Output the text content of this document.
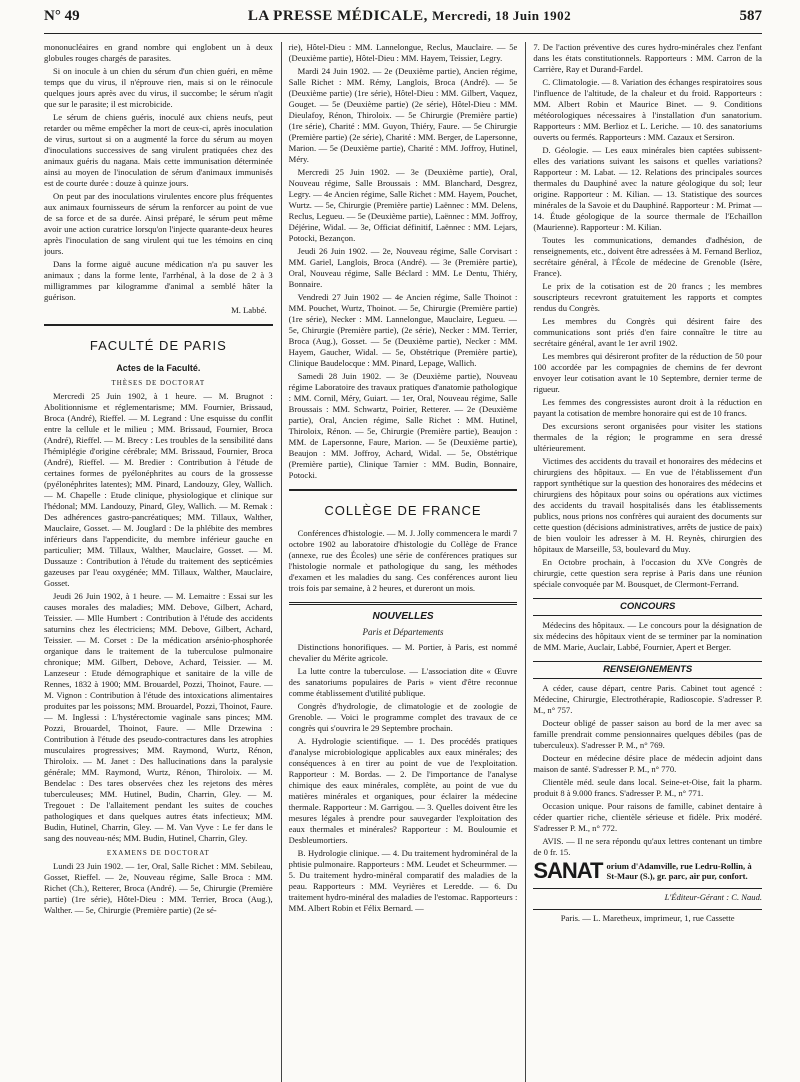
N° 49	LA PRESSE MÉDICALE, Mercredi, 18 Juin 1902	587

mononucléaires en grand nombre qui englobent un à deux globules rouges chargés de parasites.

Si on inocule à un chien du sérum d'un chien guéri, en même temps que du virus, il n'éprouve rien, mais si on le réinocule quelques jours après avec du virus, il succombe; le sérum n'agit que sur le parasite; il est microbicide.

Le sérum de chiens guéris, inoculé aux chiens neufs, peut retarder ou même empêcher la mort de ceux-ci, après inoculation de virus, surtout si on a augmenté la force du sérum au moyen d'inoculations successives de sang virulent pratiquées chez des animaux guéris du nagana. Mais cette immunisation déterminée ainsi au moyen de l'inoculation de sérum d'animaux immunisés est de courte durée : douze à quinze jours.

On peut par des inoculations virulentes encore plus fréquentes aux animaux fournisseurs de sérum la renforcer au point de vue de sa force et de sa durée. Ainsi préparé, le sérum peut même avoir une action curatrice lorsqu'on l'injecte quarante-deux heures après l'inoculation de sang virulent qui tue les témoins en cinq jours.

Dans la forme aiguë aucune médication n'a pu sauver les animaux ; dans la forme lente, l'arrhénal, à la dose de 2 à 3 milligrammes par kilogramme d'animal a semblé hâter la guérison.

M. Labbé.

FACULTÉ DE PARIS
Actes de la Faculté.
THÈSES DE DOCTORAT

Mercredi 25 Juin 1902, à 1 heure. — M. Brugnot : Abolitionnisme et réglementarisme; MM. Fournier, Brissaud, Broca (André), Rieffel. — M. Legrand : Une esquisse du conflit entre la cellule et le milieu ; MM. Brissaud, Fournier, Broca (André), Rieffel. — M. Brecy : Les troubles de la sensibilité dans l'hémiplégie d'origine cérébrale; MM. Brissaud, Fournier, Broca (André), Rieffel. — M. Bredier : Contribution à l'étude de certaines formes de pyélonéphrites au cours de la grossesse (pyélonéphrites latentes); MM. Pinard, Landouzy, Gley, Wallich. — M. Chapelle : Etude clinique, physiologique et clinique sur l'hédonal; MM. Landouzy, Pinard, Gley, Wallich. — M. Remak : Des adhérences gastro-pancréatiques; MM. Tillaux, Walther, Mauclaire, Gosset. — M. Jouglard : De la phlébite des membres inférieurs dans l'appendicite, du membre inférieur gauche en particulier; MM. Tillaux, Walther, Mauclaire, Gosset. — M. Dussauze : Contribution à l'étude du traitement des septicémies gazeuses par l'eau oxygénée; MM. Tillaux, Walther, Mauclaire, Gosset.

Jeudi 26 Juin 1902, à 1 heure. — M. Lemaitre : Essai sur les causes morales des maladies; MM. Debove, Gilbert, Achard, Teissier. — Mlle Humbert : Contribution à l'étude des accidents saturnins chez les électriciens; MM. Debove, Gilbert, Achard, Teissier. — M. Corset : De la médication arsénio-phosphorée organique dans le traitement de la tuberculose pulmonaire chronique; MM. Gilbert, Debove, Achard, Teissier. — M. Lanzeseur : Etude démographique et sanitaire de la ville de Rennes, 1832 à 1900; MM. Brouardel, Pozzi, Thoinot, Faure. — M. Vignon : Contribution à l'étude des intoxications alimentaires produites par les poissons; MM. Brouardel, Pozzi, Thoinot, Faure. — M. Inglessi : L'hystérectomie vaginale sans pinces; MM. Pozzi, Brouardel, Thoinot, Faure. — Mlle Drzewina : Contribution à l'étude des pseudo-contractures dans les atrophies musculaires progressives; MM. Raymond, Wurtz, Rénon, Thiroloix. — M. Janet : Des hallucinations dans la paralysie générale; MM. Raymond, Wurtz, Rénon, Thiroloix. — M. Bendelac : Des tares observées chez les rejetons des mères tuberculeuses; MM. Hutinel, Budin, Charrin, Gley. — M. Tregouet : De l'allaitement pendant les suites de couches pathologiques et dans quelques autres états infectieux; MM. Budin, Hutinel, Charrin, Gley. — M. Van Vyve : Le fer dans le sang des nouveau-nés; MM. Budin, Hutinel, Charrin, Gley.

EXAMENS DE DOCTORAT

Lundi 23 Juin 1902. — 1er, Oral, Salle Richet : MM. Sebileau, Gosset, Rieffel. — 2e, Nouveau régime, Salle Broca : MM. Richet (Ch.), Retterer, Broca (André). — 5e, Chirurgie (Première partie) (1re série), Hôtel-Dieu : MM. Terrier, Broca (Aug.), Walther. — 5e, Chirurgie (Première partie) (2e sé-

rie), Hôtel-Dieu : MM. Lannelongue, Reclus, Mauclaire. — 5e (Deuxième partie), Hôtel-Dieu : MM. Hayem, Teissier, Legry.

Mardi 24 Juin 1902. — 2e (Deuxième partie), Ancien régime, Salle Richet : MM. Rémy, Langlois, Broca (André). — 5e (Deuxième partie) (1re série), Hôtel-Dieu : MM. Gilbert, Vaquez, Gouget. — 5e (Deuxième partie) (2e série), Hôtel-Dieu : MM. Dieulafoy, Rénon, Thiroloix. — 5e Chirurgie (Première partie) (1re série), Charité : MM. Guyon, Thiéry, Faure. — 5e Chirurgie (Première partie) (2e série), Charité : MM. Berger, de Lapersonne, Marion. — 5e (Deuxième partie), Charité : MM. Joffroy, Hutinel, Méry.

Mercredi 25 Juin 1902. — 3e (Deuxième partie), Oral, Nouveau régime, Salle Broussais : MM. Blanchard, Desgrez, Legry. — 4e Ancien régime, Salle Richet : MM. Hayem, Pouchet, Wurtz. — 5e, Chirurgie (Première partie) Laënnec : MM. Delens, Reclus, Legueu. — 5e (Deuxième partie), Laënnec : MM. Joffroy, Déjérine, Widal. — 3e, Officiat définitif, Laënnec : MM. Lejars, Potocki, Bezançon.

Jeudi 26 Juin 1902. — 2e, Nouveau régime, Salle Corvisart : MM. Gariel, Langlois, Broca (André). — 3e (Première partie), Oral, Nouveau régime, Salle Béclard : MM. Le Dentu, Thiéry, Bonnaire.

Vendredi 27 Juin 1902 — 4e Ancien régime, Salle Thoinot : MM. Pouchet, Wurtz, Thoinot. — 5e, Chirurgie (Première partie) (1re série), Necker : MM. Lannelongue, Mauclaire, Legueu. — 5e, Chirurgie (Première partie), (2e série), Necker : MM. Terrier, Broca (Aug.), Gosset. — 5e (Deuxième partie), Necker : MM. Hayem, Gaucher, Widal. — 5e, Obstétrique (Première partie), Clinique Baudelocque : MM. Pinard, Lepage, Wallich.

Samedi 28 Juin 1902. — 3e (Deuxième partie), Nouveau régime Laboratoire des travaux pratiques d'anatomie pathologique : MM. Cornil, Méry, Guiart. — 1er, Oral, Nouveau régime, Salle Broussais : MM. Schwartz, Poirier, Retterer. — 2e (Deuxième partie), Oral, Ancien régime, Salle Richet : MM. Hutinel, Thiroloix, Rénon. — 5e, Chirurgie (Première partie), Beaujon : MM. de Lapersonne, Faure, Marion. — 5e (Deuxième partie), Beaujon : MM. Joffroy, Achard, Widal. — 5e, Obstétrique (Première partie), Clinique Tarnier : MM. Budin, Bonnaire, Potocki.

COLLÈGE DE FRANCE

Conférences d'histologie. — M. J. Jolly commencera le mardi 7 octobre 1902 au laboratoire d'histologie du Collège de France (annexe, rue des Écoles) une série de conférences pratiques sur l'histologie normale et pathologique du sang, les méthodes d'examen et les maladies du sang. Ces conférences auront lieu trois fois par semaine, à 2 heures, et dureront un mois.

NOUVELLES
Paris et Départements

Distinctions honorifiques. — M. Portier, à Paris, est nommé chevalier du Mérite agricole.

La lutte contre la tuberculose. — L'association dite « Œuvre des sanatoriums populaires de Paris » vient d'être reconnue comme établissement d'utilité publique.

Congrès d'hydrologie, de climatologie et de zoologie de Grenoble. — Voici le programme complet des travaux de ce congrès qui s'ouvrira le 29 Septembre prochain.

A. Hydrologie scientifique. — 1. Des procédés pratiques d'analyse microbiologique applicables aux eaux minérales; des conséquences à en tirer au point de vue de l'exploitation. Rapporteur : M. Bordas. — 2. De l'importance de l'analyse chimique des eaux minérales, complète, au point de vue du matières minérales et organiques, pour éclairer la médecine thermale. Rapporteur : M. Garrigou. — 3. Quelles doivent être les mesures légales à prendre pour sauvegarder l'exploitation des eaux thermales et minérales? Rapporteur : M. Bouloumie et Desbleumortiers.

B. Hydrologie clinique. — 4. Du traitement hydrominéral de la phtisie pulmonaire. Rapporteurs : MM. Leudet et Scheurmmer. — 5. Du traitement hydro-minéral comparatif des maladies de la peau. Rapporteurs : MM. Veyrières et Leredde. — 6. Du traitement hydro-minéral des maladies de l'estomac. Rapporteurs : MM. Albert Robin et Félix Bernard. —

7. De l'action préventive des cures hydro-minérales chez l'enfant dans les états constitutionnels. Rapporteurs : MM. Carron de la Carrière, Ray et Durand-Fardel.

C. Climatologie. — 8. Variation des échanges respiratoires sous l'influence de l'altitude, de la chaleur et du froid. Rapporteurs : MM. Albert Robin et Maurice Binet. — 9. Conditions météorologiques nécessaires à l'installation d'un sanatorium. Rapporteurs : MM. Berlioz et L. Leriche. — 10. des sanatoriums ouverts ou fermés. Rapporteurs : MM. Cazaux et Sersiron.

D. Géologie. — Les eaux minérales bien captées subissent-elles des variations suivant les saisons et quelles variations? Rapporteur : M. Labat. — 12. Relations des principales sources thermales du Dauphiné avec la nature géologique du sol; leur origine. Rapporteur : M. Kilian. — 13. Statistique des sources minérales de la Savoie et du Dauphiné. Rapporteur : M. Primat — 14. Étude géologique de la source thermale de l'Echaillon (Maurienne). Rapporteur : M. Kilian.

Toutes les communications, demandes d'adhésion, de renseignements, etc., doivent être adressées à M. Fernand Berlioz, secrétaire général, à l'École de médecine de Grenoble (Isère, France).

Le prix de la cotisation est de 20 francs ; les membres souscripteurs recevront gratuitement les rapports et comptes rendus du Congrès.

Les membres du Congrès qui désirent faire des communications sont priés d'en faire connaître le titre au secrétaire général, avant le 1er avril 1902.

Les membres qui désireront profiter de la réduction de 50 pour 100 accordée par les compagnies de chemins de fer devront envoyer leur cotisation avant le 10 Septembre, dernier terme de rigueur.

Les femmes des congressistes auront droit à la réduction en payant la cotisation de membre honoraire qui est de 10 francs.

Des excursions seront organisées pour visiter les stations thermales de la région; le programme en sera dressé ultérieurement.

Victimes des accidents du travail et honoraires des médecins et chirurgiens des hôpitaux. — En vue de l'établissement d'un rapport synthétique sur la question des honoraires des médecins et chirurgiens des hôpitaux pour soins ou opérations aux victimes des accidents du travail hospitalisés dans les établissements publics, nous prions nos confrères qui auraient des documents sur cette question (décisions administratives, arrêts de justice de paix) de bien vouloir les adresser à M. H. Reynès, chirurgien des hôpitaux de Marseille, 53, boulevard du Muy.

En Octobre prochain, à l'occasion du XVe Congrès de chirurgie, cette question sera reprise à Paris dans une réunion spéciale convoquée par M. Bousquet, de Clermont-Ferrand.

CONCOURS

Médecins des hôpitaux. — Le concours pour la désignation de six médecins des hôpitaux vient de se terminer par la nomination de MM. Marie, Auclair, Labbé, Fournier, Apert et Berger.

RENSEIGNEMENTS

A céder, cause départ, centre Paris. Cabinet tout agencé : Médecine, Chirurgie, Electrothérapie, Radioscopie. S'adresser P. M., n° 757.

Docteur obligé de passer saison au bord de la mer avec sa famille prendrait comme pensionnaires quelques débiles (pas de tuberculeux). S'adresser P. M., n° 769.

Docteur en médecine désire place de médecin adjoint dans maison de santé. S'adresser P. M., n° 770.

Clientèle méd. seule dans local. Seine-et-Oise, fait la pharm. produit 8 à 9.000 francs. S'adresser P. M., n° 771.

Occasion unique. Pour raisons de famille, cabinet dentaire à céder quartier riche, clientèle sérieuse et fidèle. Prix modéré. S'adresser P. M., n° 772.

AVIS. — Il ne sera répondu qu'aux lettres contenant un timbre de 0 fr. 15.

SANAT orium d'Adamville, rue Ledru-Rollin, à
St-Maur (S.), gr. parc, air pur, confort.
L'Éditeur-Gérant : C. Naud.
Paris. — L. Maretheux, imprimeur, 1, rue Cassette
